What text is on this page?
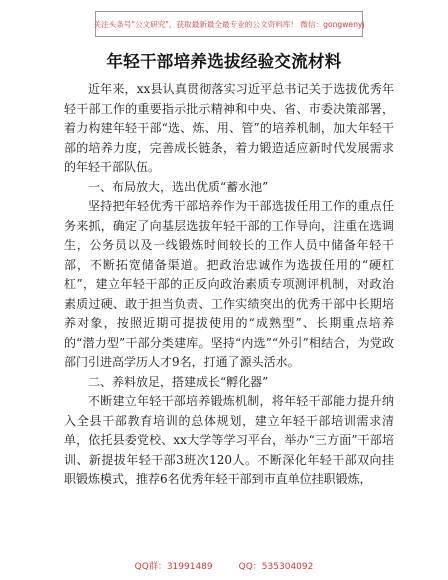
关注头条号"公文研究"，获取最新最全最专业的公文资料库！ 微信：gongwenyj
年轻干部培养选拔经验交流材料

近年来，xx县认真贯彻落实习近平总书记关于选拔优秀年轻干部工作的重要指示批示精神和中央、省、市委决策部署，着力构建年轻干部“选、炼、用、管”的培养机制，加大年轻干部的培养力度，完善成长链条，着力锻造适应新时代发展需求的年轻干部队伍。

一、布局放大，选出优质“蓄水池”

坚持把年轻优秀干部培养作为干部选拔任用工作的重点任务来抓，确定了向基层选拔年轻干部的工作导向，注重在选调生，公务员以及一线锻炼时间较长的工作人员中储备年轻干部，不断拓宽储备渠道。把政治忠诚作为选拔任用的“硬杠杠”，建立年轻干部的正反向政治素质专项测评机制，对政治素质过硬、敢于担当负责、工作实绩突出的优秀干部中长期培养对象，按照近期可提拔使用的“成熟型”、长期重点培养的“潜力型”干部分类建库。坚持“内选”“外引”相结合，为党政部门引进高学历人才9名，打通了源头活水。

二、养料放足，搭建成长“孵化器”

不断建立年轻干部培养锻炼机制，将年轻干部能力提升纳入全县干部教育培训的总体规划，建立年轻干部培训需求清单，依托县委党校、xx大学等学习平台，举办“三方面”干部培训、新提拔年轻干部3班次120人。不断深化年轻干部双向挂职锻炼模式，推荐6名优秀年轻干部到市直单位挂职锻炼，

QQ群：31991489	QQ：535304092
